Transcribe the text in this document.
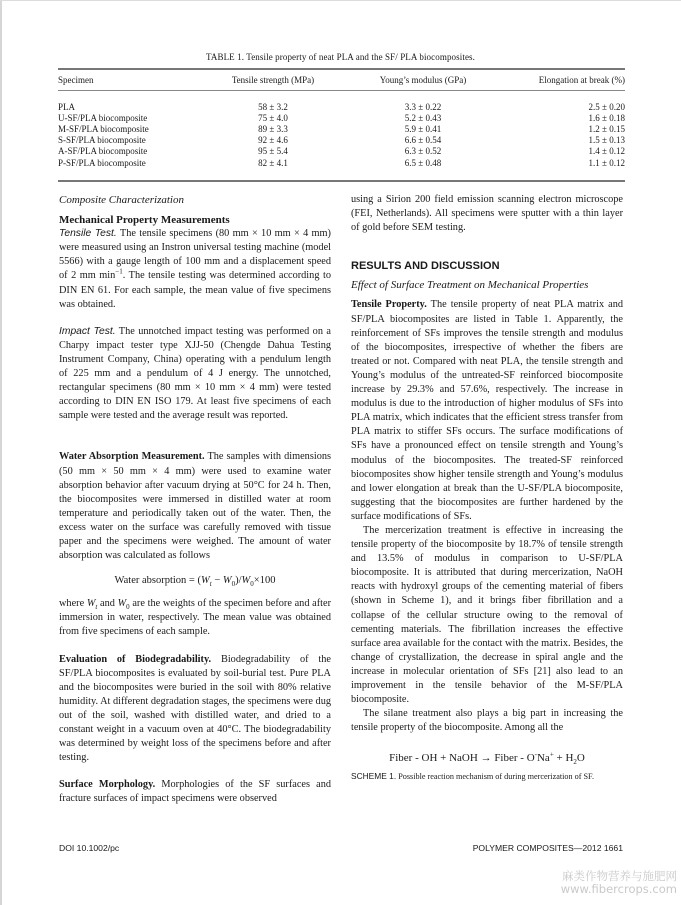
TABLE 1. Tensile property of neat PLA and the SF/ PLA biocomposites.
Specimen	Tensile strength (MPa)	Young’s modulus (GPa)	Elongation at break (%)

PLA	58 ± 3.2	3.3 ± 0.22	2.5 ± 0.20
U-SF/PLA biocomposite	75 ± 4.0	5.2 ± 0.43	1.6 ± 0.18
M-SF/PLA biocomposite	89 ± 3.3	5.9 ± 0.41	1.2 ± 0.15
S-SF/PLA biocomposite	92 ± 4.6	6.6 ± 0.54	1.5 ± 0.13
A-SF/PLA biocomposite	95 ± 5.4	6.3 ± 0.52	1.4 ± 0.12
P-SF/PLA biocomposite	82 ± 4.1	6.5 ± 0.48	1.1 ± 0.12

Composite Characterization

Mechanical Property Measurements

Tensile Test. The tensile specimens (80 mm × 10 mm × 4 mm) were measured using an Instron universal testing machine (model 5566) with a gauge length of 100 mm and a displacement speed of 2 mm $\min^{-1}$. The tensile testing was determined according to DIN EN 61. For each sample, the mean value of five specimens was obtained.

Impact Test. The unnotched impact testing was performed on a Charpy impact tester type XJJ-50 (Chengde Dahua Testing Instrument Company, China) operating with a pendulum length of 225 mm and a pendulum of 4 J energy. The unnotched, rectangular specimens (80 mm × 10 mm × 4 mm) were tested according to DIN EN ISO 179. At least five specimens of each sample were tested and the average result was reported.

Water Absorption Measurement. The samples with dimensions (50 mm × 50 mm × 4 mm) were used to examine water absorption behavior after vacuum drying at 50°C for 24 h. Then, the biocomposites were immersed in distilled water at room temperature and periodically taken out of the water. Then, the excess water on the surface was carefully removed with tissue paper and the specimens were weighed. The amount of water absorption was calculated as follows

Water absorption = $(W_t - W_0)/W_0\times 100$

where $W_t$ and $W_0$ are the weights of the specimen before and after immersion in water, respectively. The mean value was obtained from five specimens of each sample.

Evaluation of Biodegradability. Biodegradability of the SF/PLA biocomposites is evaluated by soil-burial test. Pure PLA and the biocomposites were buried in the soil with 80% relative humidity. At different degradation stages, the specimens were dug out of the soil, washed with distilled water, and dried to a constant weight in a vacuum oven at 40°C. The biodegradability was determined by weight loss of the specimens before and after testing.

Surface Morphology. Morphologies of the SF surfaces and fracture surfaces of impact specimens were observed

using a Sirion 200 field emission scanning electron microscope (FEI, Netherlands). All specimens were sputter with a thin layer of gold before SEM testing.

RESULTS AND DISCUSSION

Effect of Surface Treatment on Mechanical Properties

Tensile Property. The tensile property of neat PLA matrix and SF/PLA biocomposites are listed in Table 1. Apparently, the reinforcement of SFs improves the tensile strength and modulus of the biocomposites, irrespective of whether the fibers are treated or not. Compared with neat PLA, the tensile strength and Young’s modulus of the untreated-SF reinforced biocomposite increase by 29.3% and 57.6%, respectively. The increase in modulus is due to the introduction of higher modulus of SFs into PLA matrix, which indicates that the efficient stress transfer from PLA matrix to stiffer SFs occurs. The surface modifications of SFs have a pronounced effect on tensile strength and Young’s modulus of the biocomposites. The treated-SF reinforced biocomposites show higher tensile strength and Young’s modulus and lower elongation at break than the U-SF/PLA biocomposite, suggesting that the biocomposites are further hardened by the surface modifications of SFs.

The mercerization treatment is effective in increasing the tensile property of the biocomposite by 18.7% of tensile strength and 13.5% of modulus in comparison to U-SF/PLA biocomposite. It is attributed that during mercerization, NaOH reacts with hydroxyl groups of the cementing material of fibers (shown in Scheme 1), and it brings fiber fibrillation and a collapse of the cellular structure owing to the removal of cementing materials. The fibrillation increases the effective surface area available for the contact with the matrix. Besides, the change of crystallization, the decrease in spiral angle and the increase in molecular orientation of SFs [21] also lead to an improvement in the tensile behavior of the M-SF/PLA biocomposite.

The silane treatment also plays a big part in increasing the tensile property of the biocomposite. Among all the

Fiber - OH + NaOH → Fiber - $O^-Na^+ + H_2O$

SCHEME 1. Possible reaction mechanism of during mercerization of SF.

DOI 10.1002/pc	POLYMER COMPOSITES—2012 1661
麻类作物营养与施肥网
www.fibercrops.com
